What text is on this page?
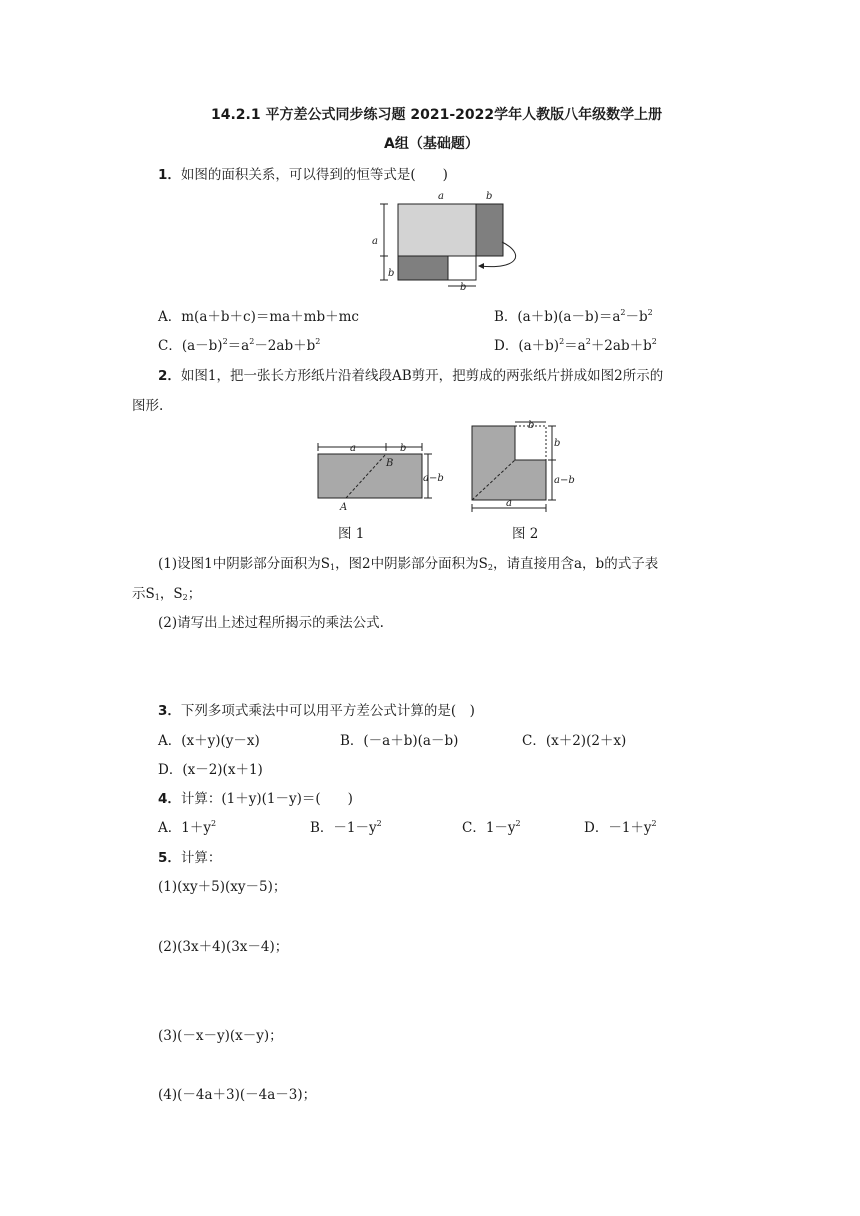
14.2.1 平方差公式同步练习题 2021-2022学年人教版八年级数学上册
A组（基础题）
1．如图的面积关系，可以得到的恒等式是(　　)
a	b
a
b
b
A．m(a＋b＋c)＝ma＋mb＋mc	B．$(a+b)(a-b)=a^2-b^2$
C．$(a-b)^2=a^2-2ab+b^2$	D．$(a+b)^2=a^2+2ab+b^2$
2．如图1，把一张长方形纸片沿着线段AB剪开，把剪成的两张纸片拼成如图2所示的
图形.
a	b
B
A
a−b
图 1
b
b
a−b
a
图 2
(1)设图1中阴影部分面积为$S_1$，图2中阴影部分面积为$S_2$，请直接用含a，b的式子表
示$S_1$，$S_2$；
(2)请写出上述过程所揭示的乘法公式.
3．下列多项式乘法中可以用平方差公式计算的是(　)
A．(x＋y)(y－x)	B．(－a＋b)(a－b)	C．(x＋2)(2＋x)
D．(x－2)(x＋1)
4．计算：(1＋y)(1－y)＝(　　)
A．$1+y^2$	B．$-1-y^2$	C．$1-y^2$	D．$-1+y^2$
5．计算：
(1)(xy＋5)(xy－5)；
(2)(3x＋4)(3x－4)；
(3)(－x－y)(x－y)；
(4)(－4a＋3)(－4a－3)；
